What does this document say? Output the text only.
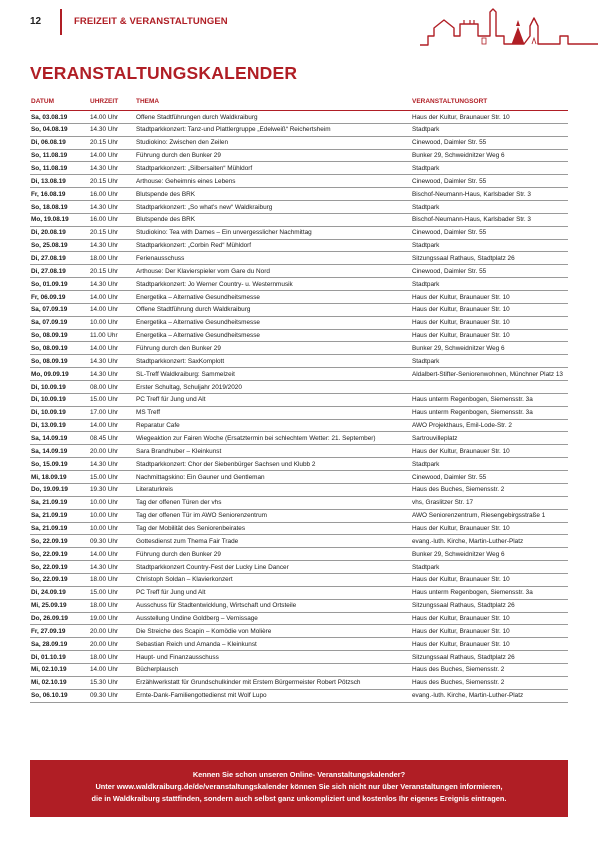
12	FREIZEIT & VERANSTALTUNGEN
VERANSTALTUNGSKALENDER
DATUM	UHRZEIT	THEMA	VERANSTALTUNGSORT
Sa, 03.08.19	14.00 Uhr	Offene Stadtführungen durch Waldkraiburg	Haus der Kultur, Braunauer Str. 10
So, 04.08.19	14.30 Uhr	Stadtparkkonzert: Tanz-und Plattlergruppe „Edelweiß“ Reichertsheim	Stadtpark
Di, 06.08.19	20.15 Uhr	Studiokino: Zwischen den Zeilen	Cinewood, Daimler Str. 55
So, 11.08.19	14.00 Uhr	Führung durch den Bunker 29	Bunker 29, Schweidnitzer Weg 6
So, 11.08.19	14.30 Uhr	Stadtparkkonzert: „Silbersaiten“ Mühldorf	Stadtpark
Di, 13.08.19	20.15 Uhr	Arthouse: Geheimnis eines Lebens	Cinewood, Daimler Str. 55
Fr, 16.08.19	16.00 Uhr	Blutspende des BRK	Bischof-Neumann-Haus, Karlsbader Str. 3
So, 18.08.19	14.30 Uhr	Stadtparkkonzert: „So what's new“ Waldkraiburg	Stadtpark
Mo, 19.08.19	16.00 Uhr	Blutspende des BRK	Bischof-Neumann-Haus, Karlsbader Str. 3
Di, 20.08.19	20.15 Uhr	Studiokino: Tea with Dames – Ein unvergesslicher Nachmittag	Cinewood, Daimler Str. 55
So, 25.08.19	14.30 Uhr	Stadtparkkonzert: „Corbin Red“ Mühldorf	Stadtpark
Di, 27.08.19	18.00 Uhr	Ferienausschuss	Sitzungssaal Rathaus, Stadtplatz 26
Di, 27.08.19	20.15 Uhr	Arthouse: Der Klavierspieler vom Gare du Nord	Cinewood, Daimler Str. 55
So, 01.09.19	14.30 Uhr	Stadtparkkonzert: Jo Werner Country- u. Westernmusik	Stadtpark
Fr, 06.09.19	14.00 Uhr	Energetika – Alternative Gesundheitsmesse	Haus der Kultur, Braunauer Str. 10
Sa, 07.09.19	14.00 Uhr	Offene Stadtführung durch Waldkraiburg	Haus der Kultur, Braunauer Str. 10
Sa, 07.09.19	10.00 Uhr	Energetika – Alternative Gesundheitsmesse	Haus der Kultur, Braunauer Str. 10
So, 08.09.19	11.00 Uhr	Energetika – Alternative Gesundheitsmesse	Haus der Kultur, Braunauer Str. 10
So, 08.09.19	14.00 Uhr	Führung durch den Bunker 29	Bunker 29, Schweidnitzer Weg 6
So, 08.09.19	14.30 Uhr	Stadtparkkonzert: SaxKomplott	Stadtpark
Mo, 09.09.19	14.30 Uhr	SL-Treff Waldkraiburg: Sammelzeit	Aldalbert-Stifter-Seniorenwohnen, Münchner Platz 13
Di, 10.09.19	08.00 Uhr	Erster Schultag, Schuljahr 2019/2020
Di, 10.09.19	15.00 Uhr	PC Treff für Jung und Alt	Haus unterm Regenbogen, Siemensstr. 3a
Di, 10.09.19	17.00 Uhr	MS Treff	Haus unterm Regenbogen, Siemensstr. 3a
Di, 13.09.19	14.00 Uhr	Reparatur Cafe	AWO Projekthaus, Emil-Lode-Str. 2
Sa, 14.09.19	08.45 Uhr	Wiegeaktion zur Fairen Woche (Ersatztermin bei schlechtem Wetter: 21. September)	Sartrouvilleplatz
Sa, 14.09.19	20.00 Uhr	Sara Brandhuber – Kleinkunst	Haus der Kultur, Braunauer Str. 10
So, 15.09.19	14.30 Uhr	Stadtparkkonzert: Chor der Siebenbürger Sachsen und Klubb 2	Stadtpark
Mi, 18.09.19	15.00 Uhr	Nachmittagskino: Ein Gauner und Gentleman	Cinewood, Daimler Str. 55
Do, 19.09.19	19.30 Uhr	Literaturkreis	Haus des Buches, Siemensstr. 2
Sa, 21.09.19	10.00 Uhr	Tag der offenen Türen der vhs	vhs, Graslitzer Str. 17
Sa, 21.09.19	10.00 Uhr	Tag der offenen Tür im AWO Seniorenzentrum	AWO Seniorenzentrum, Riesengebirgsstraße 1
Sa, 21.09.19	10.00 Uhr	Tag der Mobilität des Seniorenbeirates	Haus der Kultur, Braunauer Str. 10
So, 22.09.19	09.30 Uhr	Gottesdienst zum Thema Fair Trade	evang.-luth. Kirche, Martin-Luther-Platz
So, 22.09.19	14.00 Uhr	Führung durch den Bunker 29	Bunker 29, Schweidnitzer Weg 6
So, 22.09.19	14.30 Uhr	Stadtparkkonzert Country-Fest der Lucky Line Dancer	Stadtpark
So, 22.09.19	18.00 Uhr	Christoph Soldan – Klavierkonzert	Haus der Kultur, Braunauer Str. 10
Di, 24.09.19	15.00 Uhr	PC Treff für Jung und Alt	Haus unterm Regenbogen, Siemensstr. 3a
Mi, 25.09.19	18.00 Uhr	Ausschuss für Stadtentwicklung, Wirtschaft und Ortsteile	Sitzungssaal Rathaus, Stadtplatz 26
Do, 26.09.19	19.00 Uhr	Ausstellung Undine Goldberg – Vernissage	Haus der Kultur, Braunauer Str. 10
Fr, 27.09.19	20.00 Uhr	Die Streiche des Scapin – Komödie von Molière	Haus der Kultur, Braunauer Str. 10
Sa, 28.09.19	20.00 Uhr	Sebastian Reich und Amanda – Kleinkunst	Haus der Kultur, Braunauer Str. 10
Di, 01.10.19	18.00 Uhr	Haupt- und Finanzausschuss	Sitzungssaal Rathaus, Stadtplatz 26
Mi, 02.10.19	14.00 Uhr	Bücherplausch	Haus des Buches, Siemensstr. 2
Mi, 02.10.19	15.30 Uhr	Erzählwerkstatt für Grundschulkinder mit Erstem Bürgermeister Robert Pötzsch	Haus des Buches, Siemensstr. 2
So, 06.10.19	09.30 Uhr	Ernte-Dank-Familiengottedienst mit Wolf Lupo	evang.-luth. Kirche, Martin-Luther-Platz
Kennen Sie schon unseren Online- Veranstaltungskalender?
Unter www.waldkraiburg.de/de/veranstaltungskalender können Sie sich nicht nur über Veranstaltungen informieren,
die in Waldkraiburg stattfinden, sondern auch selbst ganz unkompliziert und kostenlos Ihr eigenes Ereignis eintragen.
